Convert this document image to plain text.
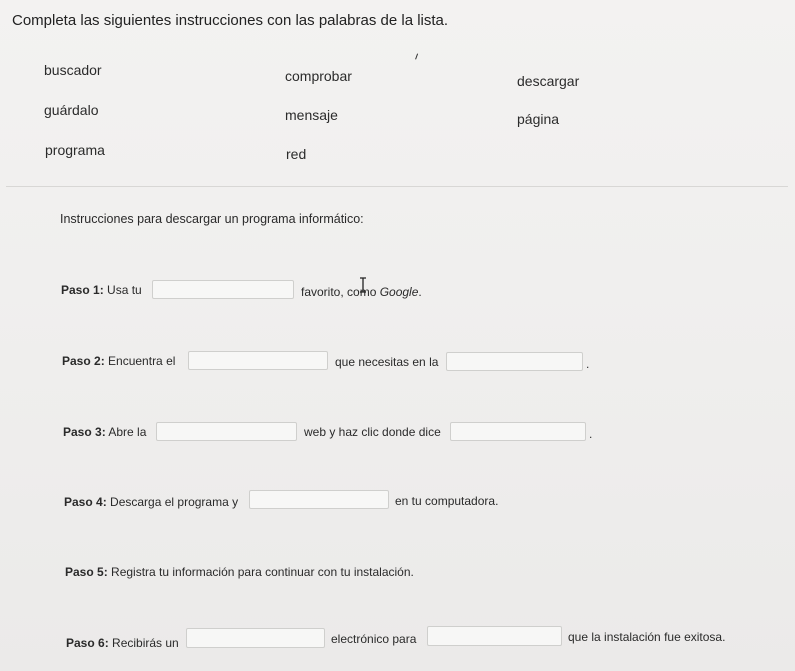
Completa las siguientes instrucciones con las palabras de la lista.
buscador	comprobar	descargar
guárdalo	mensaje	página
programa	red
Instrucciones para descargar un programa informático:
Paso 1: Usa tu	favorito, como Google.
Paso 2: Encuentra el	que necesitas en la	.
Paso 3: Abre la	web y haz clic donde dice	.
Paso 4: Descarga el programa y	en tu computadora.
Paso 5: Registra tu información para continuar con tu instalación.
Paso 6: Recibirás un	electrónico para	que la instalación fue exitosa.
